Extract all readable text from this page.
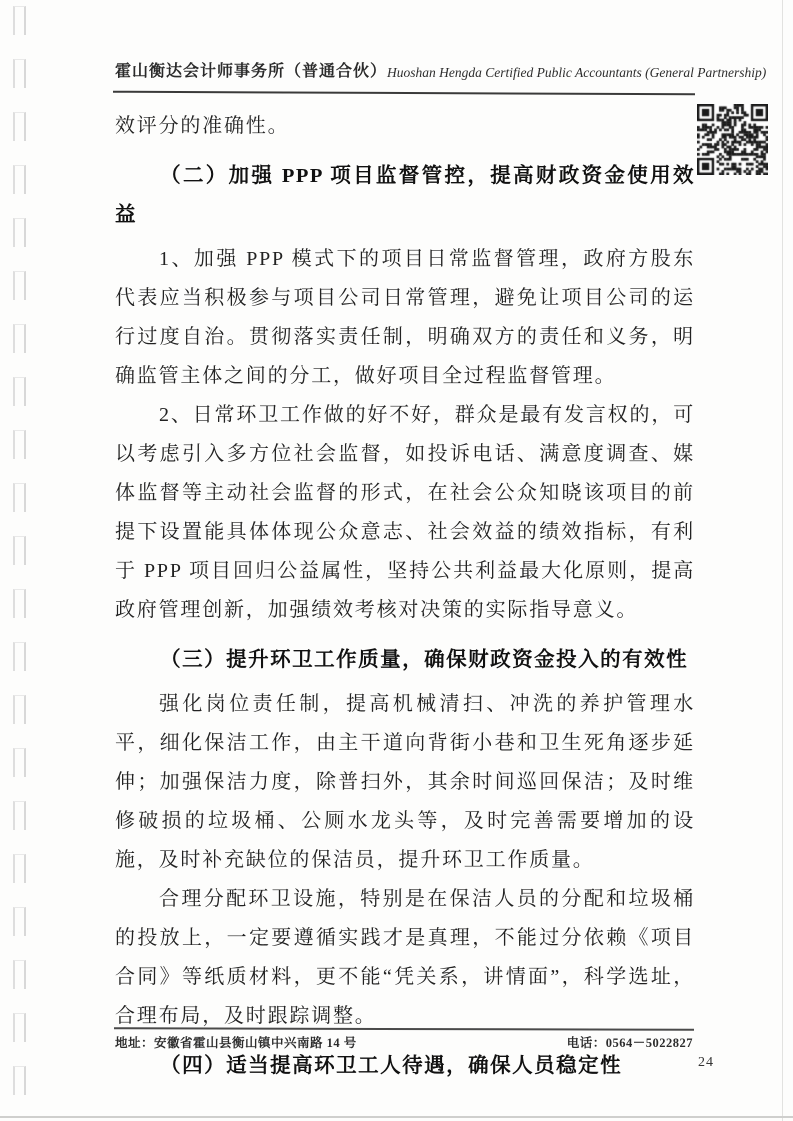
霍山衡达会计师事务所（普通合伙） Huoshan Hengda Certified Public Accountants (General Partnership)

效评分的准确性。

（二）加强 PPP 项目监督管控，提高财政资金使用效益

1、加强 PPP 模式下的项目日常监督管理，政府方股东代表应当积极参与项目公司日常管理，避免让项目公司的运行过度自治。贯彻落实责任制，明确双方的责任和义务，明确监管主体之间的分工，做好项目全过程监督管理。

2、日常环卫工作做的好不好，群众是最有发言权的，可以考虑引入多方位社会监督，如投诉电话、满意度调查、媒体监督等主动社会监督的形式，在社会公众知晓该项目的前提下设置能具体体现公众意志、社会效益的绩效指标，有利于 PPP 项目回归公益属性，坚持公共利益最大化原则，提高政府管理创新，加强绩效考核对决策的实际指导意义。

（三）提升环卫工作质量，确保财政资金投入的有效性

强化岗位责任制，提高机械清扫、冲洗的养护管理水平，细化保洁工作，由主干道向背街小巷和卫生死角逐步延伸；加强保洁力度，除普扫外，其余时间巡回保洁；及时维修破损的垃圾桶、公厕水龙头等，及时完善需要增加的设施，及时补充缺位的保洁员，提升环卫工作质量。

合理分配环卫设施，特别是在保洁人员的分配和垃圾桶的投放上，一定要遵循实践才是真理，不能过分依赖《项目合同》等纸质材料，更不能“凭关系，讲情面”，科学选址，合理布局，及时跟踪调整。

（四）适当提高环卫工人待遇，确保人员稳定性
地址：安徽省霍山县衡山镇中兴南路 14 号	电话：0564－5022827
24
